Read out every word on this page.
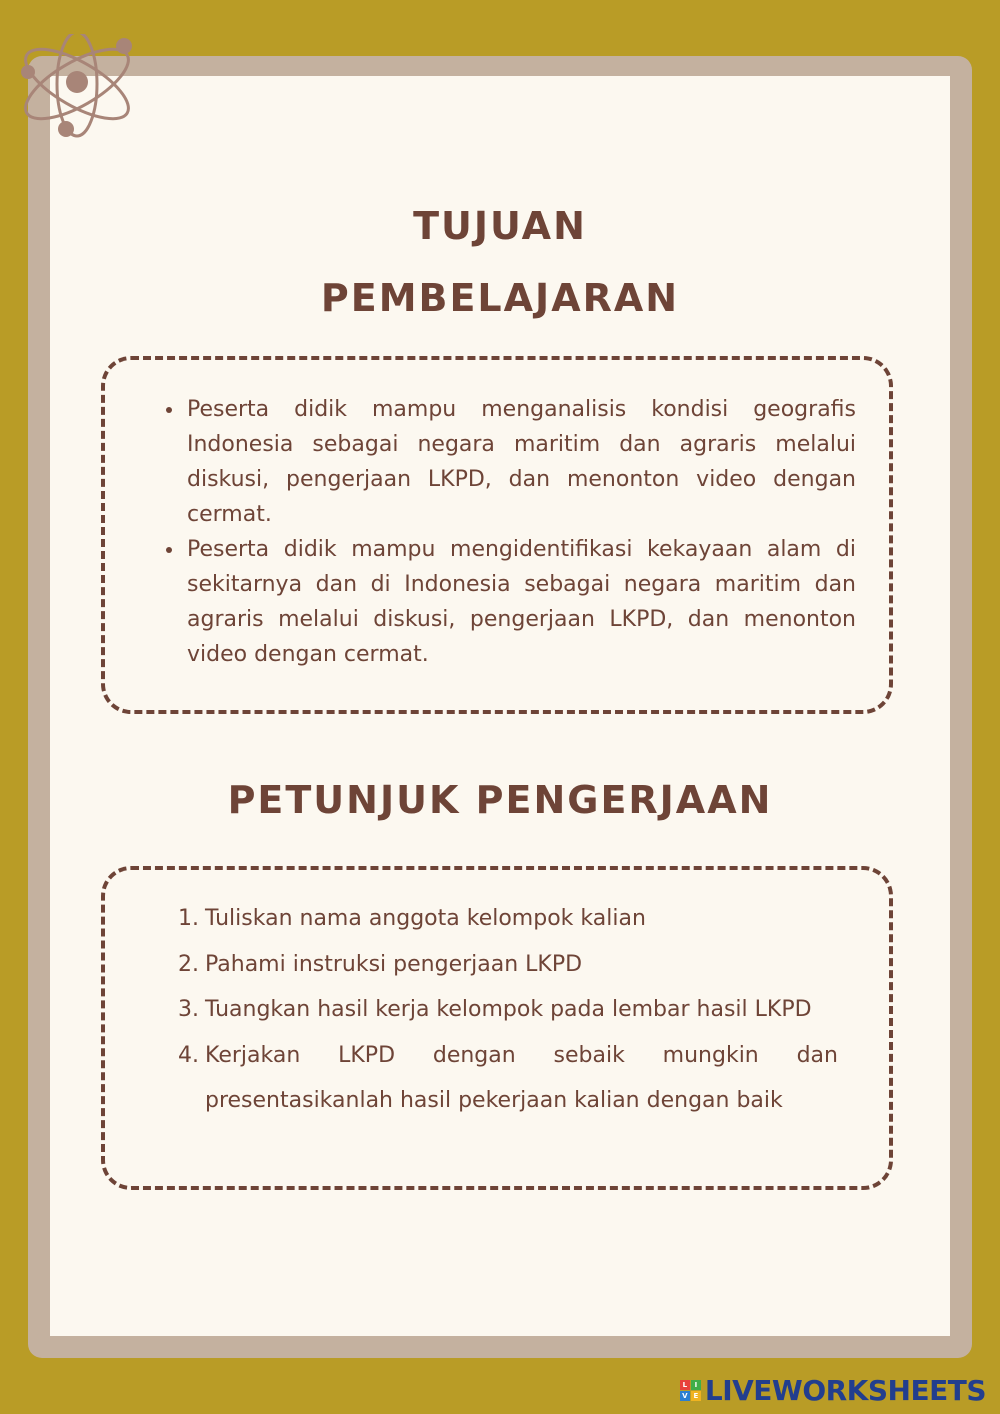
TUJUAN
PEMBELAJARAN
Peserta didik mampu menganalisis kondisi geografis Indonesia sebagai negara maritim dan agraris melalui diskusi, pengerjaan LKPD, dan menonton video dengan cermat.
Peserta didik mampu mengidentifikasi kekayaan alam di sekitarnya dan di Indonesia sebagai negara maritim dan agraris melalui diskusi, pengerjaan LKPD, dan menonton video dengan cermat.
PETUNJUK PENGERJAAN
1. Tuliskan nama anggota kelompok kalian
2. Pahami instruksi pengerjaan LKPD
3. Tuangkan hasil kerja kelompok pada lembar hasil LKPD
4. Kerjakan LKPD dengan sebaik mungkin dan presentasikanlah hasil pekerjaan kalian dengan baik
L	I
V E LIVEWORKSHEETS
